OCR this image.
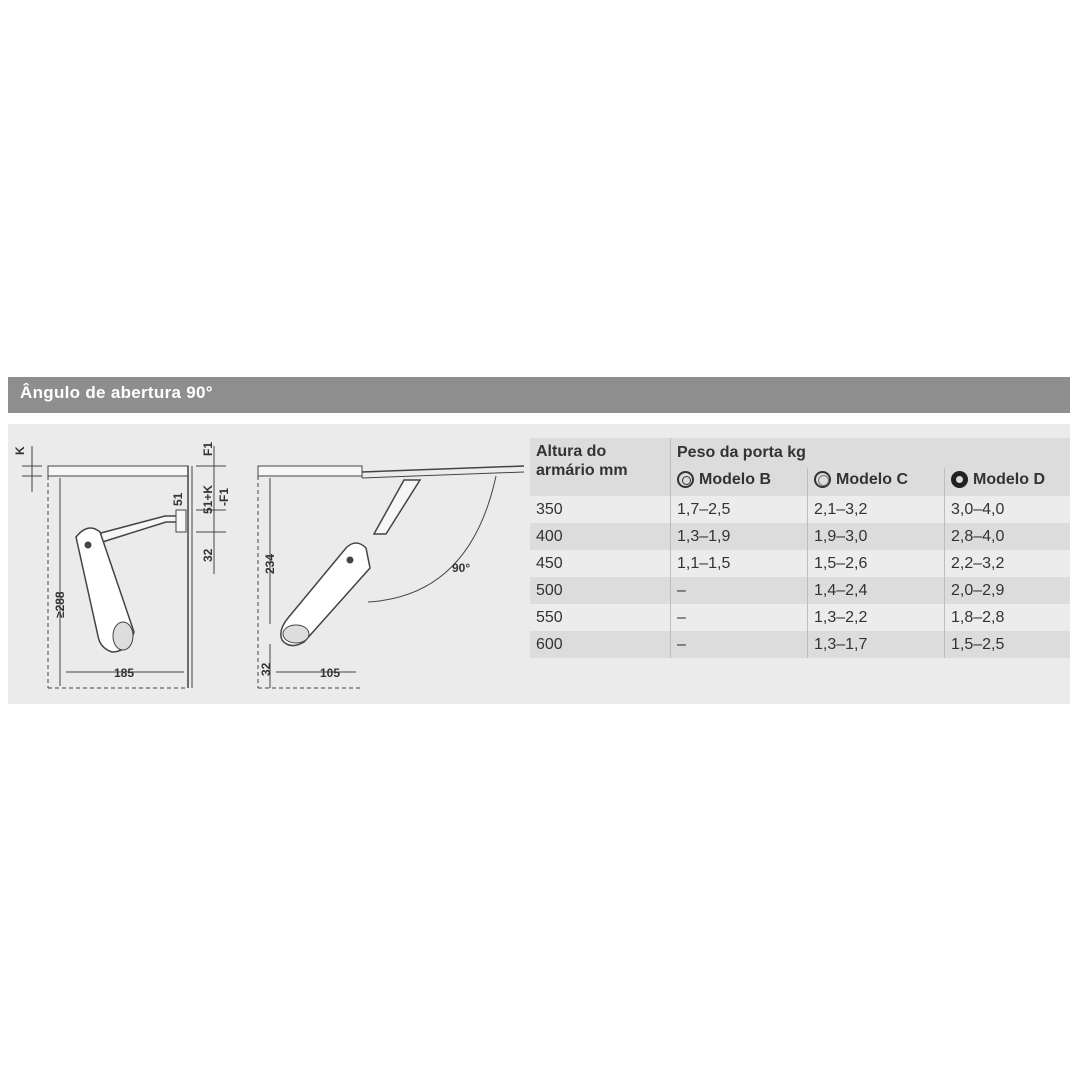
Ângulo de abertura 90°
K	F1
51 51+K -F1
32
≥288
185
234
32	105
90°
Altura do
armário mm	Peso da porta kg		

	Modelo B	Modelo C	Modelo D

350	1,7–2,5	2,1–3,2	3,0–4,0
400	1,3–1,9	1,9–3,0	2,8–4,0
450	1,1–1,5	1,5–2,6	2,2–3,2
500	–	1,4–2,4	2,0–2,9
550	–	1,3–2,2	1,8–2,8
600	–	1,3–1,7	1,5–2,5
